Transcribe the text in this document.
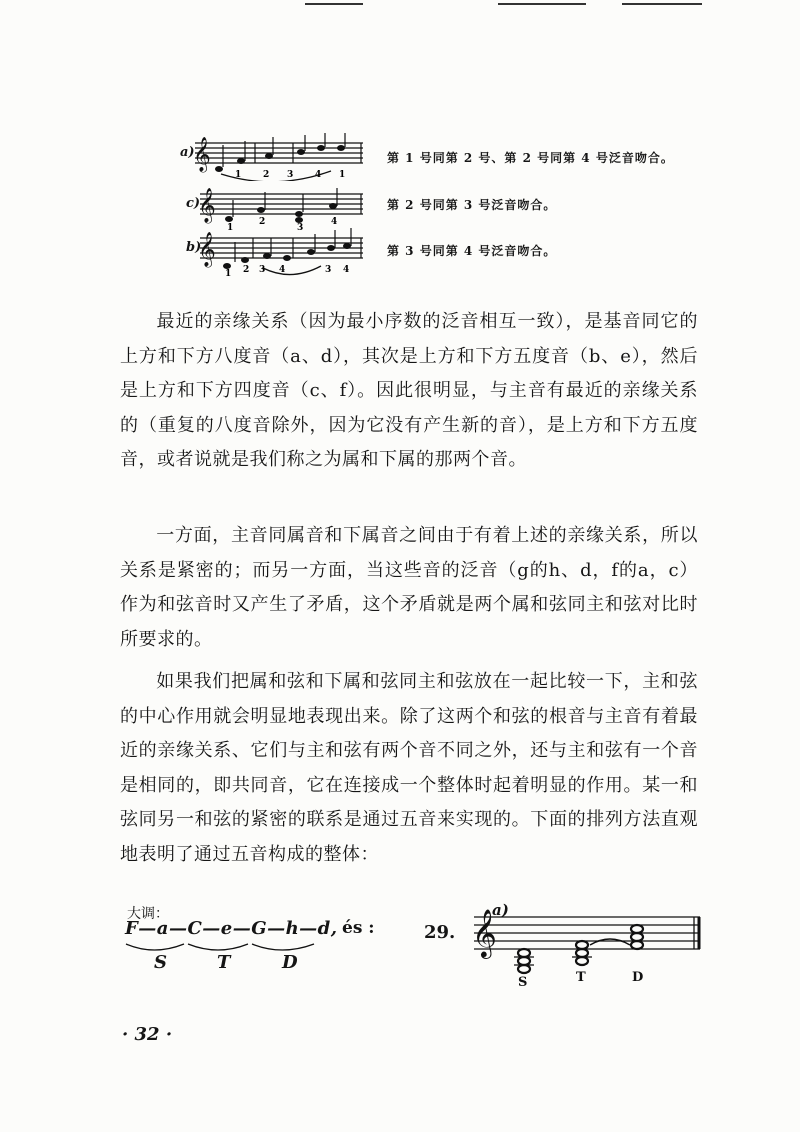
a)
𝄞
1 2 3 4 1
第 1 号同第 2 号、第 2 号同第 4 号泛音吻合。
c)
𝄞
1
2
3
4
第 2 号同第 3 号泛音吻合。
b)
𝄞
1 2 3 4	3 4
第 3 号同第 4 号泛音吻合。
最近的亲缘关系（因为最小序数的泛音相互一致），是基音同它的上方和下方八度音（a、d），其次是上方和下方五度音（b、e），然后是上方和下方四度音（c、f）。因此很明显，与主音有最近的亲缘关系的（重复的八度音除外，因为它没有产生新的音），是上方和下方五度音，或者说就是我们称之为属和下属的那两个音。
一方面，主音同属音和下属音之间由于有着上述的亲缘关系，所以关系是紧密的；而另一方面，当这些音的泛音（g的h、d，f的a，c）作为和弦音时又产生了矛盾，这个矛盾就是两个属和弦同主和弦对比时所要求的。
如果我们把属和弦和下属和弦同主和弦放在一起比较一下，主和弦的中心作用就会明显地表现出来。除了这两个和弦的根音与主音有着最近的亲缘关系、它们与主和弦有两个音不同之外，还与主和弦有一个音是相同的，即共同音，它在连接成一个整体时起着明显的作用。某一和弦同另一和弦的紧密的联系是通过五音来实现的。下面的排列方法直观地表明了通过五音构成的整体：
大调：
F—a—C—e—G—h—d, és :
S	T	D
29.
a)
𝄞
S	T	D
· 32 ·
